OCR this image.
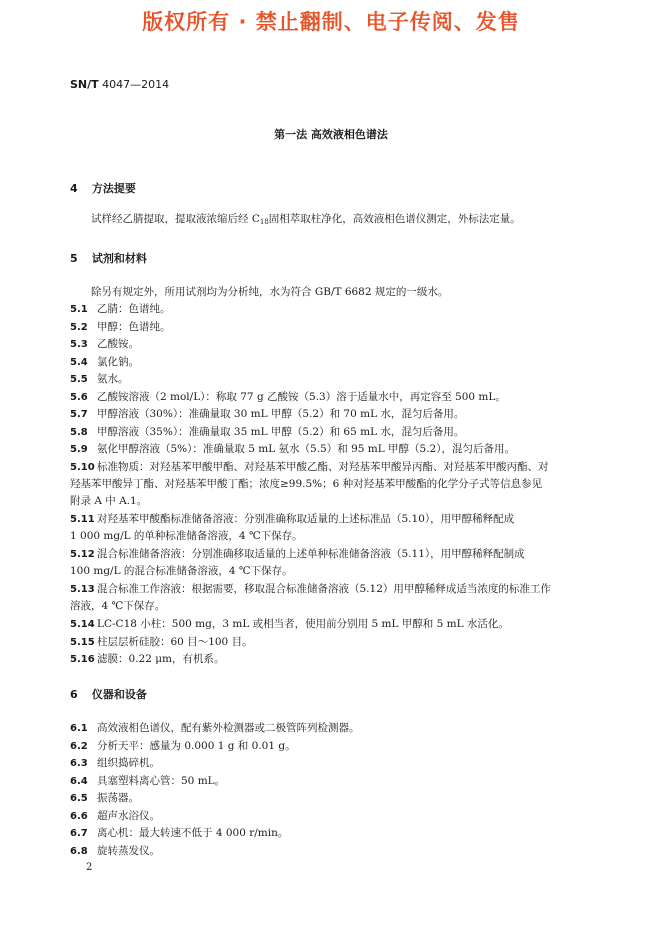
版权所有 · 禁止翻制、电子传阅、发售
SN/T 4047—2014
第一法 高效液相色谱法
4 方法提要
试样经乙腈提取，提取液浓缩后经 $C_{18}$固相萃取柱净化，高效液相色谱仪测定，外标法定量。
5 试剂和材料
除另有规定外，所用试剂均为分析纯，水为符合 GB/T 6682 规定的一级水。
5.1 乙腈：色谱纯。
5.2 甲醇：色谱纯。
5.3 乙酸铵。
5.4 氯化钠。
5.5 氨水。
5.6 乙酸铵溶液（2 mol/L）：称取 77 g 乙酸铵（5.3）溶于适量水中，再定容至 500 mL。
5.7 甲醇溶液（30%）：准确量取 30 mL 甲醇（5.2）和 70 mL 水，混匀后备用。
5.8 甲醇溶液（35%）：准确量取 35 mL 甲醇（5.2）和 65 mL 水，混匀后备用。
5.9 氨化甲醇溶液（5%）：准确量取 5 mL 氨水（5.5）和 95 mL 甲醇（5.2），混匀后备用。
5.10 标准物质：对羟基苯甲酸甲酯、对羟基苯甲酸乙酯、对羟基苯甲酸异丙酯、对羟基苯甲酸丙酯、对
羟基苯甲酸异丁酯、对羟基苯甲酸丁酯；浓度≥99.5%；6 种对羟基苯甲酸酯的化学分子式等信息参见
附录 A 中 A.1。
5.11 对羟基苯甲酸酯标准储备溶液：分别准确称取适量的上述标准品（5.10），用甲醇稀释配成
1 000 mg/L 的单种标准储备溶液，4 ℃下保存。
5.12 混合标准储备溶液：分别准确移取适量的上述单种标准储备溶液（5.11），用甲醇稀释配制成
100 mg/L 的混合标准储备溶液，4 ℃下保存。
5.13 混合标准工作溶液：根据需要，移取混合标准储备溶液（5.12）用甲醇稀释成适当浓度的标准工作
溶液，4 ℃下保存。
5.14 LC-C18 小柱：500 mg，3 mL 或相当者，使用前分别用 5 mL 甲醇和 5 mL 水活化。
5.15 柱层层析硅胶：60 目～100 目。
5.16 滤膜：0.22 μm，有机系。
6 仪器和设备
6.1 高效液相色谱仪，配有紫外检测器或二极管阵列检测器。
6.2 分析天平：感量为 0.000 1 g 和 0.01 g。
6.3 组织捣碎机。
6.4 具塞塑料离心管：50 mL。
6.5 振荡器。
6.6 超声水浴仪。
6.7 离心机：最大转速不低于 4 000 r/min。
6.8 旋转蒸发仪。
2
